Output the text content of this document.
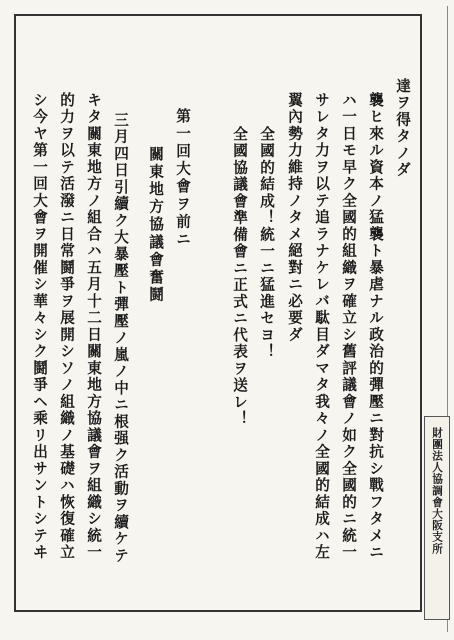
達ヲ得タノダ
襲ヒ來ル資本ノ猛襲ト暴虐ナル政治的彈壓ニ對抗シ戰フタメニ
ハ一日モ早ク全國的組織ヲ確立シ舊評議會ノ如ク全國的ニ統一
サレタ力ヲ以テ追ラナケレバ駄目ダマタ我々ノ全國的結成ハ左
翼內勢力維持ノタメ絕對ニ必要ダ
全國的結成！統一ニ猛進セヨ！
全國協議會準備會ニ正式ニ代表ヲ送レ！
第一回大會ヲ前ニ
關東地方協議會奮鬪
三月四日引續ク大暴壓ト彈壓ノ嵐ノ中ニ根强ク活動ヲ續ケテ
キタ關東地方ノ組合ハ五月十二日關東地方協議會ヲ組織シ統一
的力ヲ以テ活潑ニ日常鬪爭ヲ展開シソノ組織ノ基礎ハ恢復確立
シ今ヤ第一回大會ヲ開催シ華々シク鬪爭ヘ乘リ出サントシテヰ	財團法人協調會大阪支所
